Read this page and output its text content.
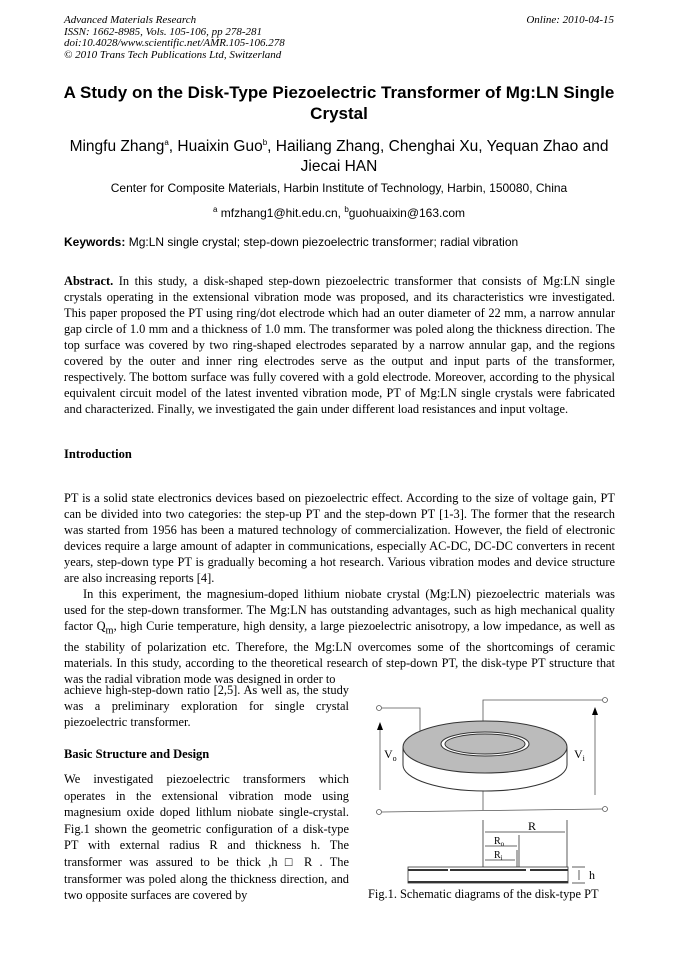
Advanced Materials Research
ISSN: 1662-8985, Vols. 105-106, pp 278-281
doi:10.4028/www.scientific.net/AMR.105-106.278
© 2010 Trans Tech Publications Ltd, Switzerland
Online: 2010-04-15
A Study on the Disk-Type Piezoelectric Transformer of Mg:LN Single Crystal
Mingfu Zhang$^a$, Huaixin Guo$^b$, Hailiang Zhang, Chenghai Xu, Yequan Zhao and Jiecai HAN
Center for Composite Materials, Harbin Institute of Technology, Harbin, 150080, China
$^a$ mfzhang1@hit.edu.cn, $^b$guohuaixin@163.com
Keywords: Mg:LN single crystal; step-down piezoelectric transformer; radial vibration
Abstract. In this study, a disk-shaped step-down piezoelectric transformer that consists of Mg:LN single crystals operating in the extensional vibration mode was proposed, and its characteristics wre investigated. This paper proposed the PT using ring/dot electrode which had an outer diameter of 22 mm, a narrow annular gap circle of 1.0 mm and a thickness of 1.0 mm. The transformer was poled along the thickness direction. The top surface was covered by two ring-shaped electrodes separated by a narrow annular gap, and the regions covered by the outer and inner ring electrodes serve as the output and input parts of the transformer, respectively. The bottom surface was fully covered with a gold electrode. Moreover, according to the physical equivalent circuit model of the latest invented vibration mode, PT of Mg:LN single crystals were fabricated and characterized. Finally, we investigated the gain under different load resistances and input voltage.
Introduction
PT is a solid state electronics devices based on piezoelectric effect. According to the size of voltage gain, PT can be divided into two categories: the step-up PT and the step-down PT [1-3]. The former that the research was started from 1956 has been a matured technology of commercialization. However, the field of electronic devices require a large amount of adapter in communications, especially AC-DC, DC-DC converters in recent years, step-down type PT is gradually becoming a hot research. Various vibration modes and device structure are also increasing reports [4].
In this experiment, the magnesium-doped lithium niobate crystal (Mg:LN) piezoelectric materials was used for the step-down transformer. The Mg:LN has outstanding advantages, such as high mechanical quality factor $Q_m$, high Curie temperature, high density, a large piezoelectric anisotropy, a low impedance, as well as the stability of polarization etc. Therefore, the Mg:LN overcomes some of the shortcomings of ceramic materials. In this study, according to the theoretical research of step-down PT, the disk-type PT structure that was the radial vibration mode was designed in order to
achieve high-step-down ratio [2,5]. As well as, the study was a preliminary exploration for single crystal piezoelectric transformer.
Basic Structure and Design
We investigated piezoelectric transformers which operates in the extensional vibration mode using magnesium oxide doped lithlum niobate single-crystal. Fig.1 shown the geometric configuration of a disk-type PT with external radius R and thickness h. The transformer was assured to be thick ,h □ R . The transformer was poled along the thickness direction, and two opposite surfaces are covered by
$V_o$	$V_i$
R
$R_o$
$R_i$
h
Fig.1. Schematic diagrams of the disk-type PT
